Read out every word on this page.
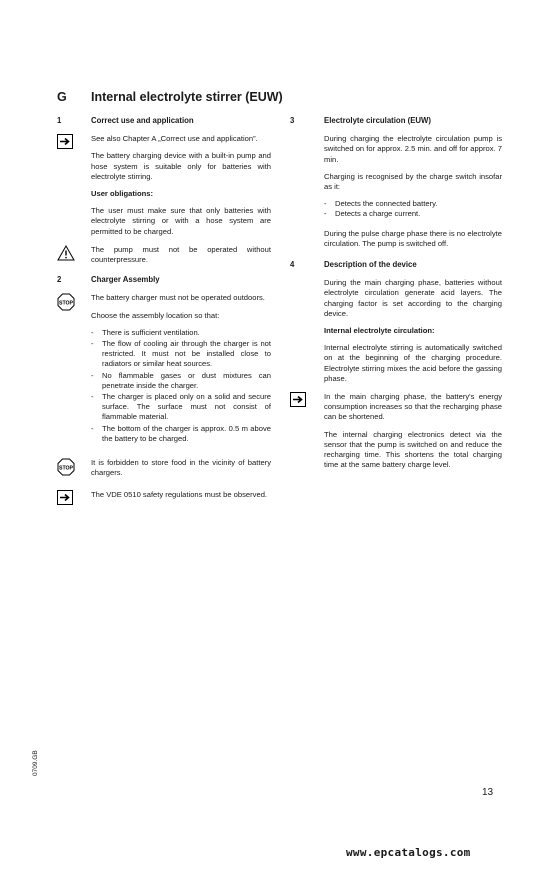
G Internal electrolyte stirrer (EUW)
1	Correct use and application

See also Chapter A „Correct use and application”.

The battery charging device with a built-in pump and hose system is suitable only for batteries with electrolyte stirring.

User obligations:

The user must make sure that only batteries with electrolyte stirring or with a hose system are permitted to be charged.

The pump must not be operated without counterpressure.

2	Charger Assembly
STOP

The battery charger must not be operated outdoors.

Choose the assembly location so that:

- There is sufficient ventilation.
- The flow of cooling air through the charger is not restricted. It must not be installed close to radiators or similar heat sources.
- No flammable gases or dust mixtures can penetrate inside the charger.
- The charger is placed only on a solid and secure surface. The surface must not consist of flammable material.
- The bottom of the charger is approx. 0.5 m above the battery to be charged.
STOP

It is forbidden to store food in the vicinity of battery chargers.

The VDE 0510 safety regulations must be observed.

3	Electrolyte circulation (EUW)

During charging the electrolyte circulation pump is switched on for approx. 2.5 min. and off for approx. 7 min.

Charging is recognised by the charge switch insofar as it:

- Detects the connected battery.
- Detects a charge current.

During the pulse charge phase there is no electrolyte circulation. The pump is switched off.

4	Description of the device

During the main charging phase, batteries without electrolyte circulation generate acid layers. The charging factor is set according to the charging device.

Internal electrolyte circulation:

Internal electrolyte stirring is automatically switched on at the beginning of the charging procedure. Electrolyte stirring mixes the acid before the gassing phase.

In the main charging phase, the battery's energy consumption increases so that the recharging phase can be shortened.

The internal charging electronics detect via the sensor that the pump is switched on and reduce the recharging time. This shortens the total charging time at the same battery charge level.

0709.GB
13
www.epcatalogs.com
